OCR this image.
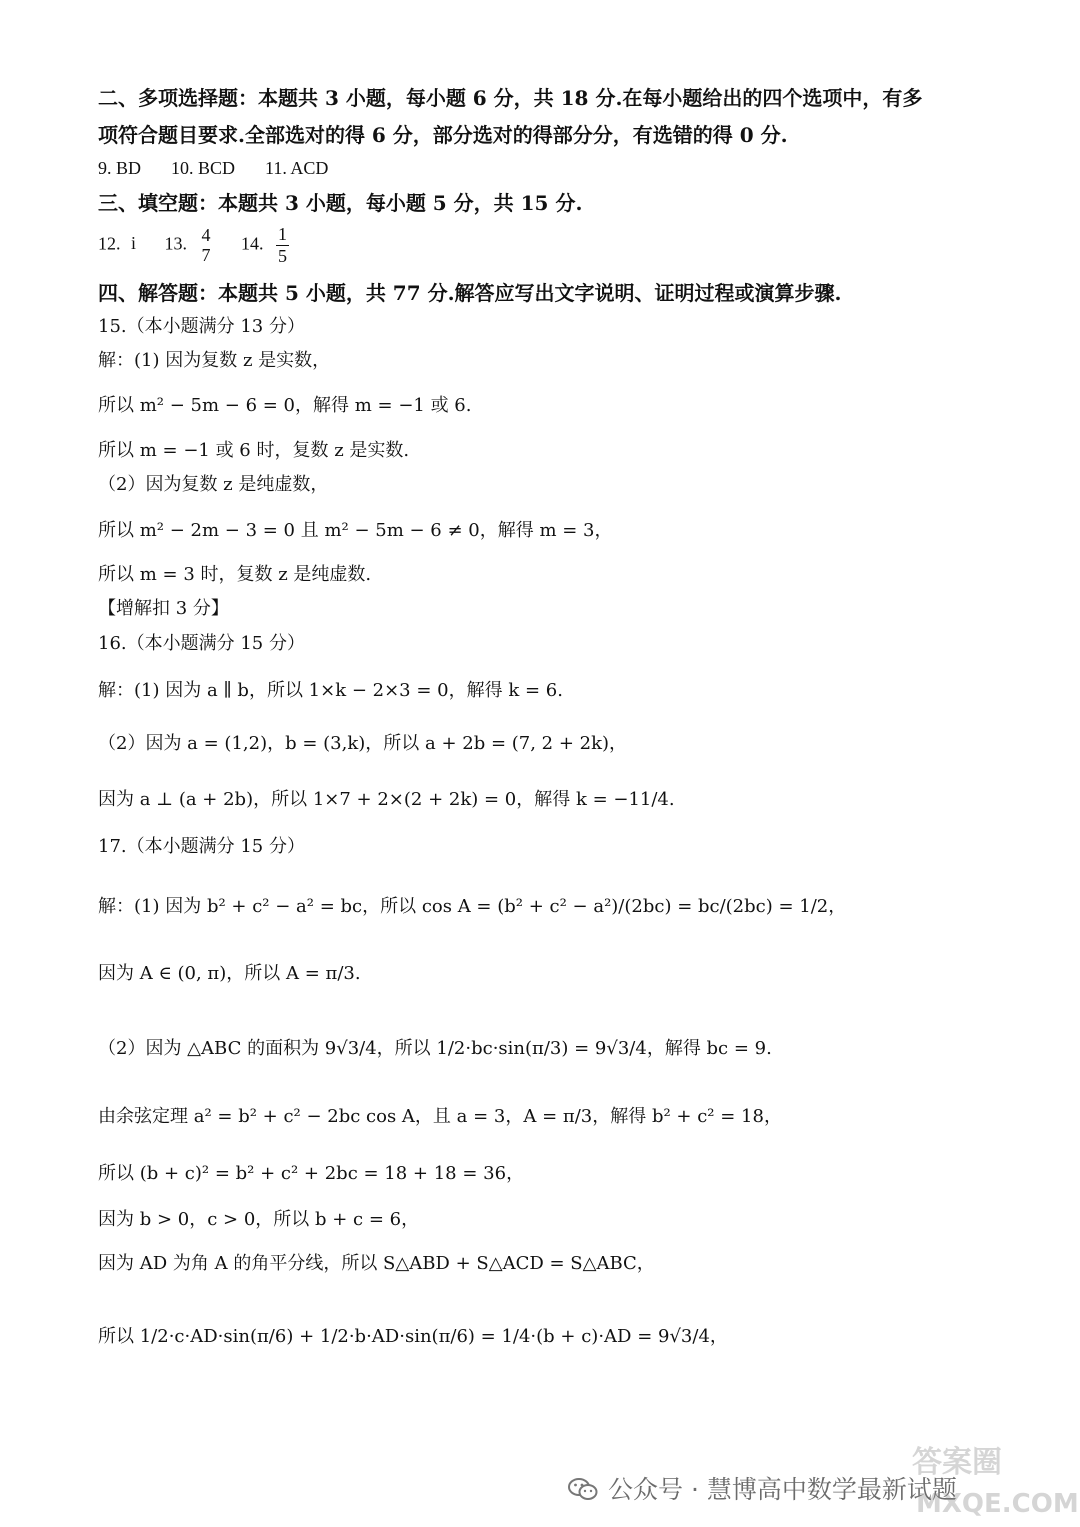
二、多项选择题：本题共 3 小题，每小题 6 分，共 18 分.在每小题给出的四个选项中，有多
项符合题目要求.全部选对的得 6 分，部分选对的得部分分，有选错的得 0 分.
9. BD 10. BCD 11. ACD
三、填空题：本题共 3 小题，每小题 5 分，共 15 分.
12. i 13. 4
7
14. $\frac{1}{5}$
四、解答题：本题共 5 小题，共 77 分.解答应写出文字说明、证明过程或演算步骤.
15.（本小题满分 13 分）
解：(1) 因为复数 z 是实数，
所以 m² − 5m − 6 = 0，解得 m = −1 或 6.
所以 m = −1 或 6 时，复数 z 是实数.
（2）因为复数 z 是纯虚数，
所以 m² − 2m − 3 = 0 且 m² − 5m − 6 ≠ 0，解得 m = 3，
所以 m = 3 时，复数 z 是纯虚数.
【增解扣 3 分】
16.（本小题满分 15 分）
解：(1) 因为 a ∥ b，所以 1×k − 2×3 = 0，解得 k = 6.
（2）因为 a = (1,2)，b = (3,k)，所以 a + 2b = (7, 2 + 2k)，
因为 a ⊥ (a + 2b)，所以 1×7 + 2×(2 + 2k) = 0，解得 k = −11/4.
17.（本小题满分 15 分）
解：(1) 因为 b² + c² − a² = bc，所以 cos A = (b² + c² − a²)/(2bc) = bc/(2bc) = 1/2，
因为 A ∈ (0, π)，所以 A = π/3.
（2）因为 △ABC 的面积为 9√3/4，所以 1/2·bc·sin(π/3) = 9√3/4，解得 bc = 9.
由余弦定理 a² = b² + c² − 2bc cos A，且 a = 3，A = π/3，解得 b² + c² = 18，
所以 (b + c)² = b² + c² + 2bc = 18 + 18 = 36，
因为 b > 0，c > 0，所以 b + c = 6，
因为 AD 为角 A 的角平分线，所以 S△ABD + S△ACD = S△ABC，
所以 1/2·c·AD·sin(π/6) + 1/2·b·AD·sin(π/6) = 1/4·(b + c)·AD = 9√3/4，
公众号 · 慧博高中数学最新试题
答案圈
MXQE.COM
